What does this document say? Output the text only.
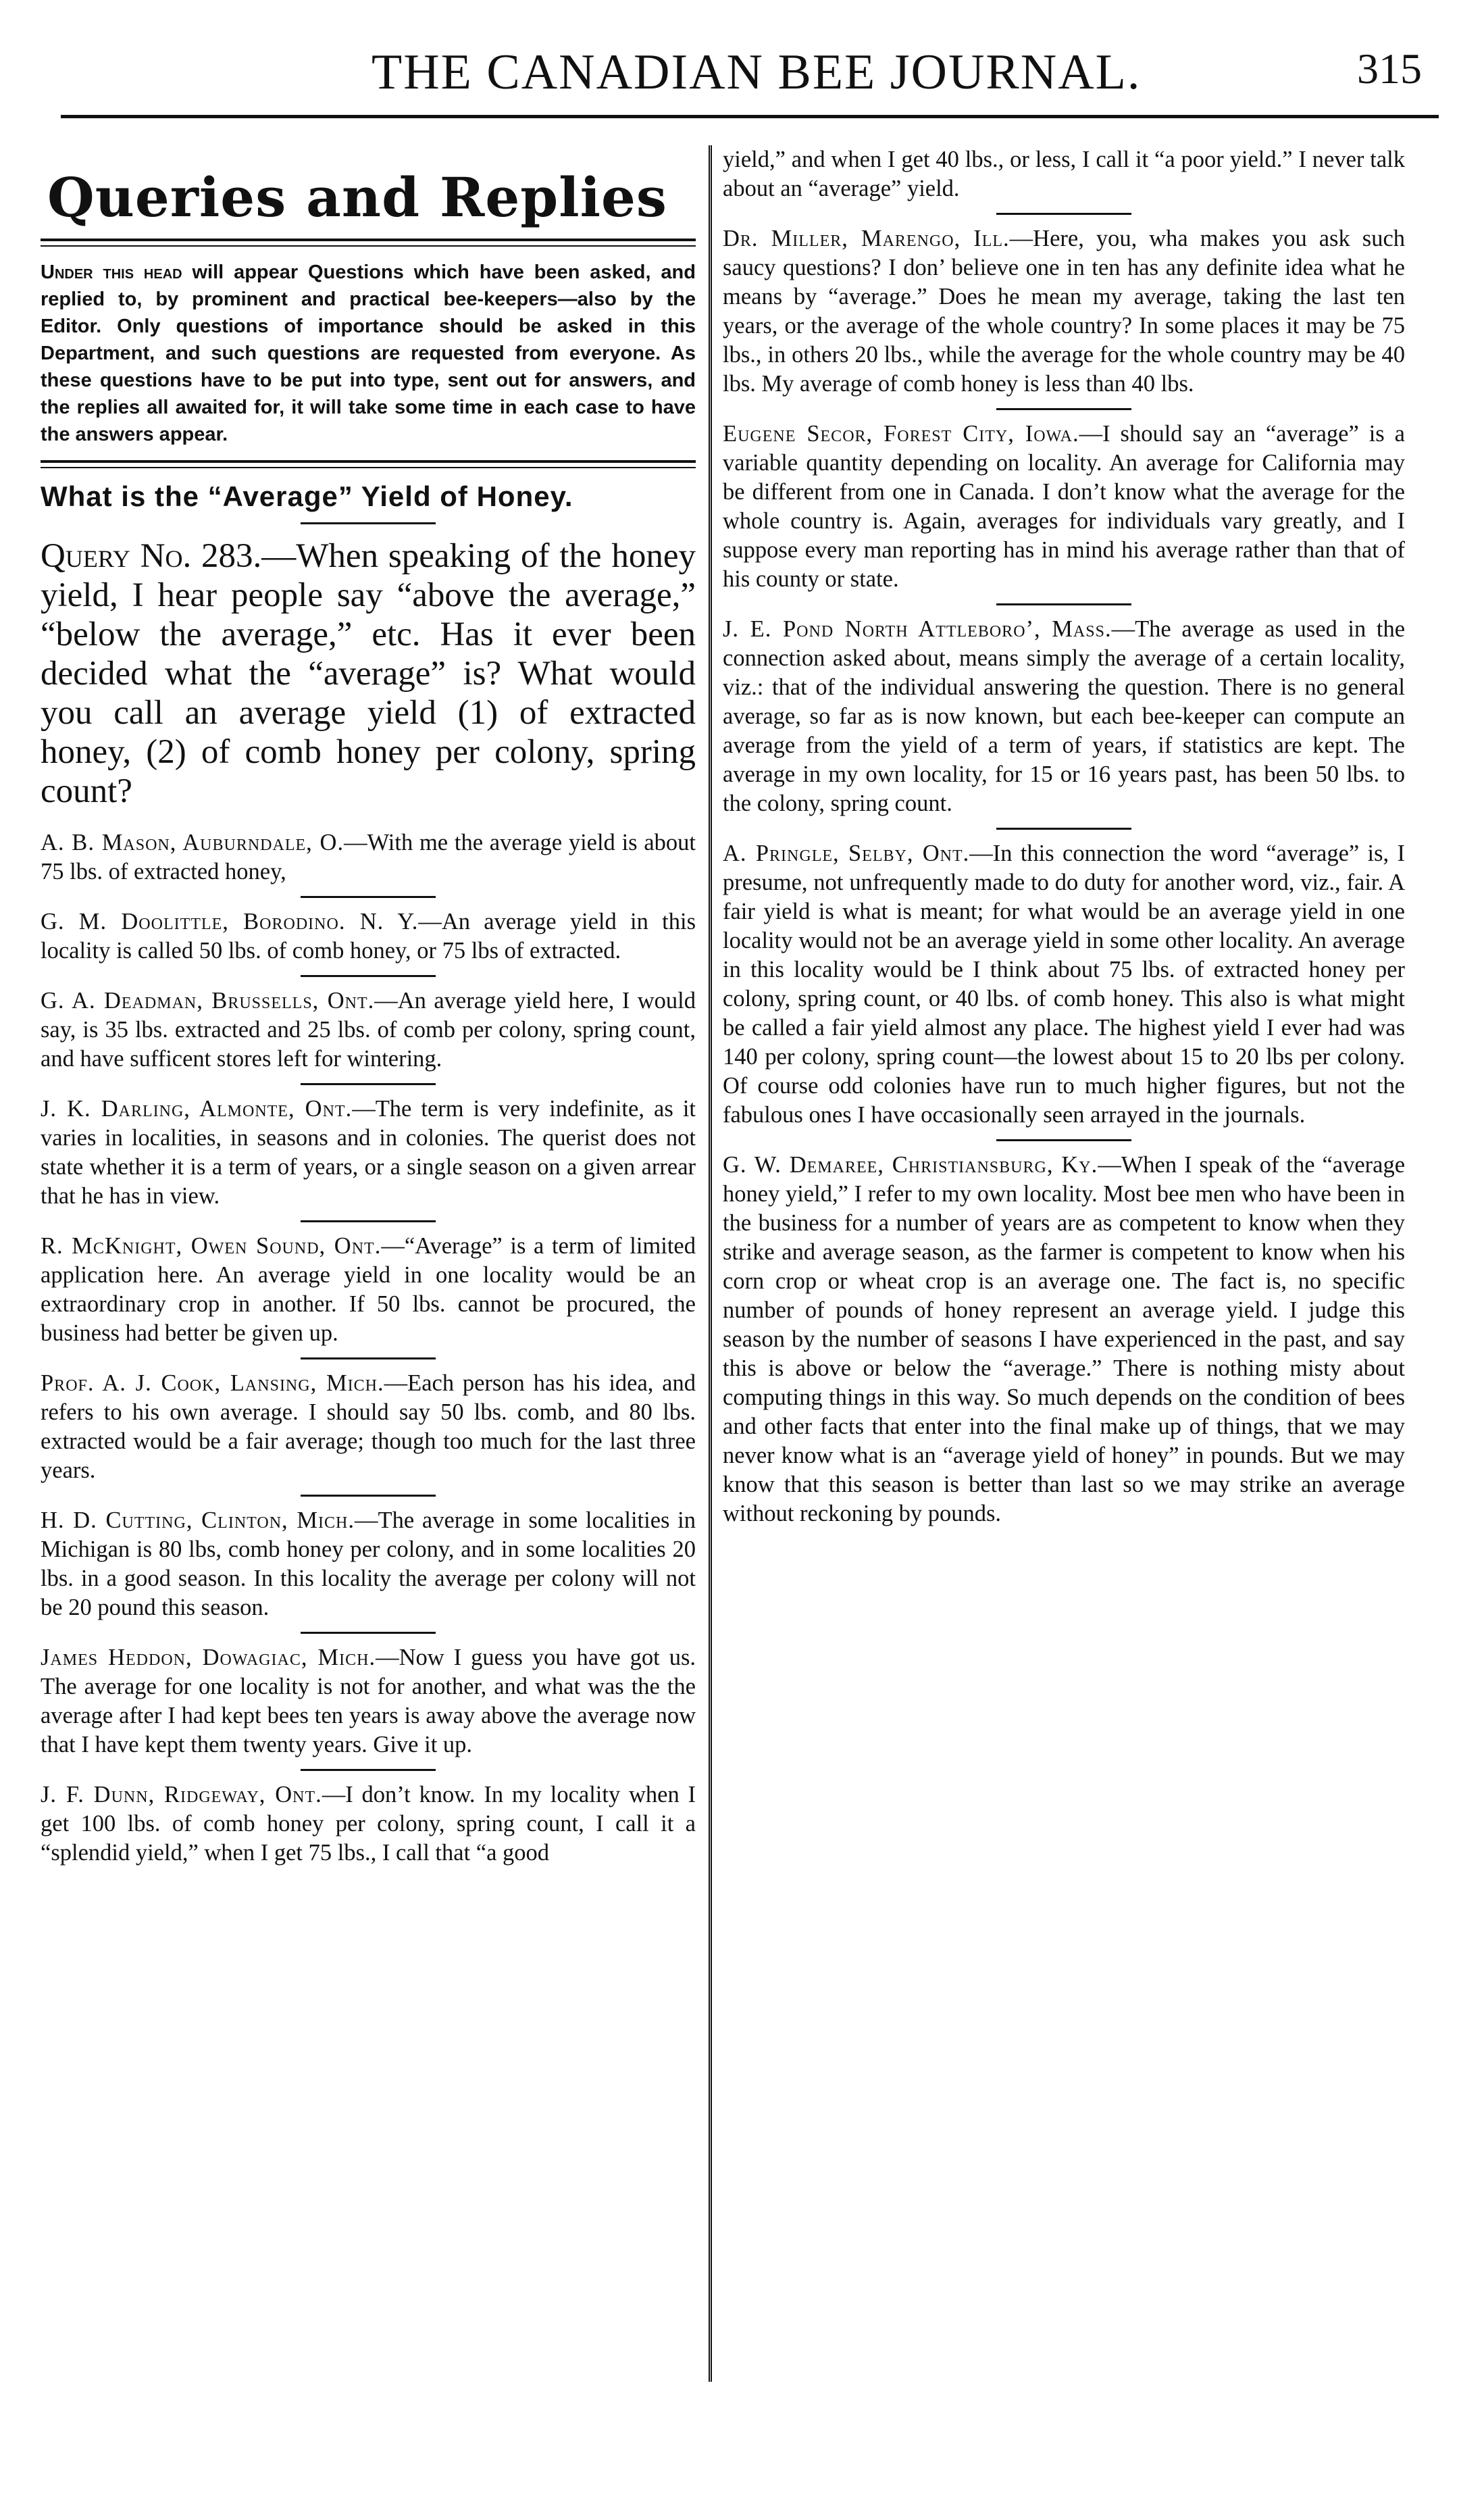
THE CANADIAN BEE JOURNAL.	315
Queries and Replies

Under this head will appear Questions which have been asked, and replied to, by prominent and practical bee-keepers—also by the Editor. Only questions of importance should be asked in this Department, and such questions are requested from everyone. As these questions have to be put into type, sent out for answers, and the replies all awaited for, it will take some time in each case to have the answers appear.

What is the “Average” Yield of Honey.

Query No. 283.—When speaking of the honey yield, I hear people say “above the average,” “below the average,” etc. Has it ever been decided what the “average” is? What would you call an average yield (1) of extracted honey, (2) of comb honey per colony, spring count?

A. B. Mason, Auburndale, O.—With me the average yield is about 75 lbs. of extracted honey,

G. M. Doolittle, Borodino. N. Y.—An average yield in this locality is called 50 lbs. of comb honey, or 75 lbs of extracted.

G. A. Deadman, Brussells, Ont.—An average yield here, I would say, is 35 lbs. extracted and 25 lbs. of comb per colony, spring count, and have sufficent stores left for wintering.

J. K. Darling, Almonte, Ont.—The term is very indefinite, as it varies in localities, in seasons and in colonies. The querist does not state whether it is a term of years, or a single season on a given arrear that he has in view.

R. McKnight, Owen Sound, Ont.—“Average” is a term of limited application here. An average yield in one locality would be an extraordinary crop in another. If 50 lbs. cannot be procured, the business had better be given up.

Prof. A. J. Cook, Lansing, Mich.—Each person has his idea, and refers to his own average. I should say 50 lbs. comb, and 80 lbs. extracted would be a fair average; though too much for the last three years.

H. D. Cutting, Clinton, Mich.—The average in some localities in Michigan is 80 lbs, comb honey per colony, and in some localities 20 lbs. in a good season. In this locality the average per colony will not be 20 pound this season.

James Heddon, Dowagiac, Mich.—Now I guess you have got us. The average for one locality is not for another, and what was the the average after I had kept bees ten years is away above the average now that I have kept them twenty years. Give it up.

J. F. Dunn, Ridgeway, Ont.—I don’t know. In my locality when I get 100 lbs. of comb honey per colony, spring count, I call it a “splendid yield,” when I get 75 lbs., I call that “a good

yield,” and when I get 40 lbs., or less, I call it “a poor yield.” I never talk about an “average” yield.

Dr. Miller, Marengo, Ill.—Here, you, wha makes you ask such saucy questions? I don’ believe one in ten has any definite idea what he means by “average.” Does he mean my average, taking the last ten years, or the average of the whole country? In some places it may be 75 lbs., in others 20 lbs., while the average for the whole country may be 40 lbs. My average of comb honey is less than 40 lbs.

Eugene Secor, Forest City, Iowa.—I should say an “average” is a variable quantity depending on locality. An average for California may be different from one in Canada. I don’t know what the average for the whole country is. Again, averages for individuals vary greatly, and I suppose every man reporting has in mind his average rather than that of his county or state.

J. E. Pond North Attleboro’, Mass.—The average as used in the connection asked about, means simply the average of a certain locality, viz.: that of the individual answering the question. There is no general average, so far as is now known, but each bee-keeper can compute an average from the yield of a term of years, if statistics are kept. The average in my own locality, for 15 or 16 years past, has been 50 lbs. to the colony, spring count.

A. Pringle, Selby, Ont.—In this connection the word “average” is, I presume, not unfrequently made to do duty for another word, viz., fair. A fair yield is what is meant; for what would be an average yield in one locality would not be an average yield in some other locality. An average in this locality would be I think about 75 lbs. of extracted honey per colony, spring count, or 40 lbs. of comb honey. This also is what might be called a fair yield almost any place. The highest yield I ever had was 140 per colony, spring count—the lowest about 15 to 20 lbs per colony. Of course odd colonies have run to much higher figures, but not the fabulous ones I have occasionally seen arrayed in the journals.

G. W. Demaree, Christiansburg, Ky.—When I speak of the “average honey yield,” I refer to my own locality. Most bee men who have been in the business for a number of years are as competent to know when they strike and average season, as the farmer is competent to know when his corn crop or wheat crop is an average one. The fact is, no specific number of pounds of honey represent an average yield. I judge this season by the number of seasons I have experienced in the past, and say this is above or below the “average.” There is nothing misty about computing things in this way. So much depends on the condition of bees and other facts that enter into the final make up of things, that we may never know what is an “average yield of honey” in pounds. But we may know that this season is better than last so we may strike an average without reckoning by pounds.
